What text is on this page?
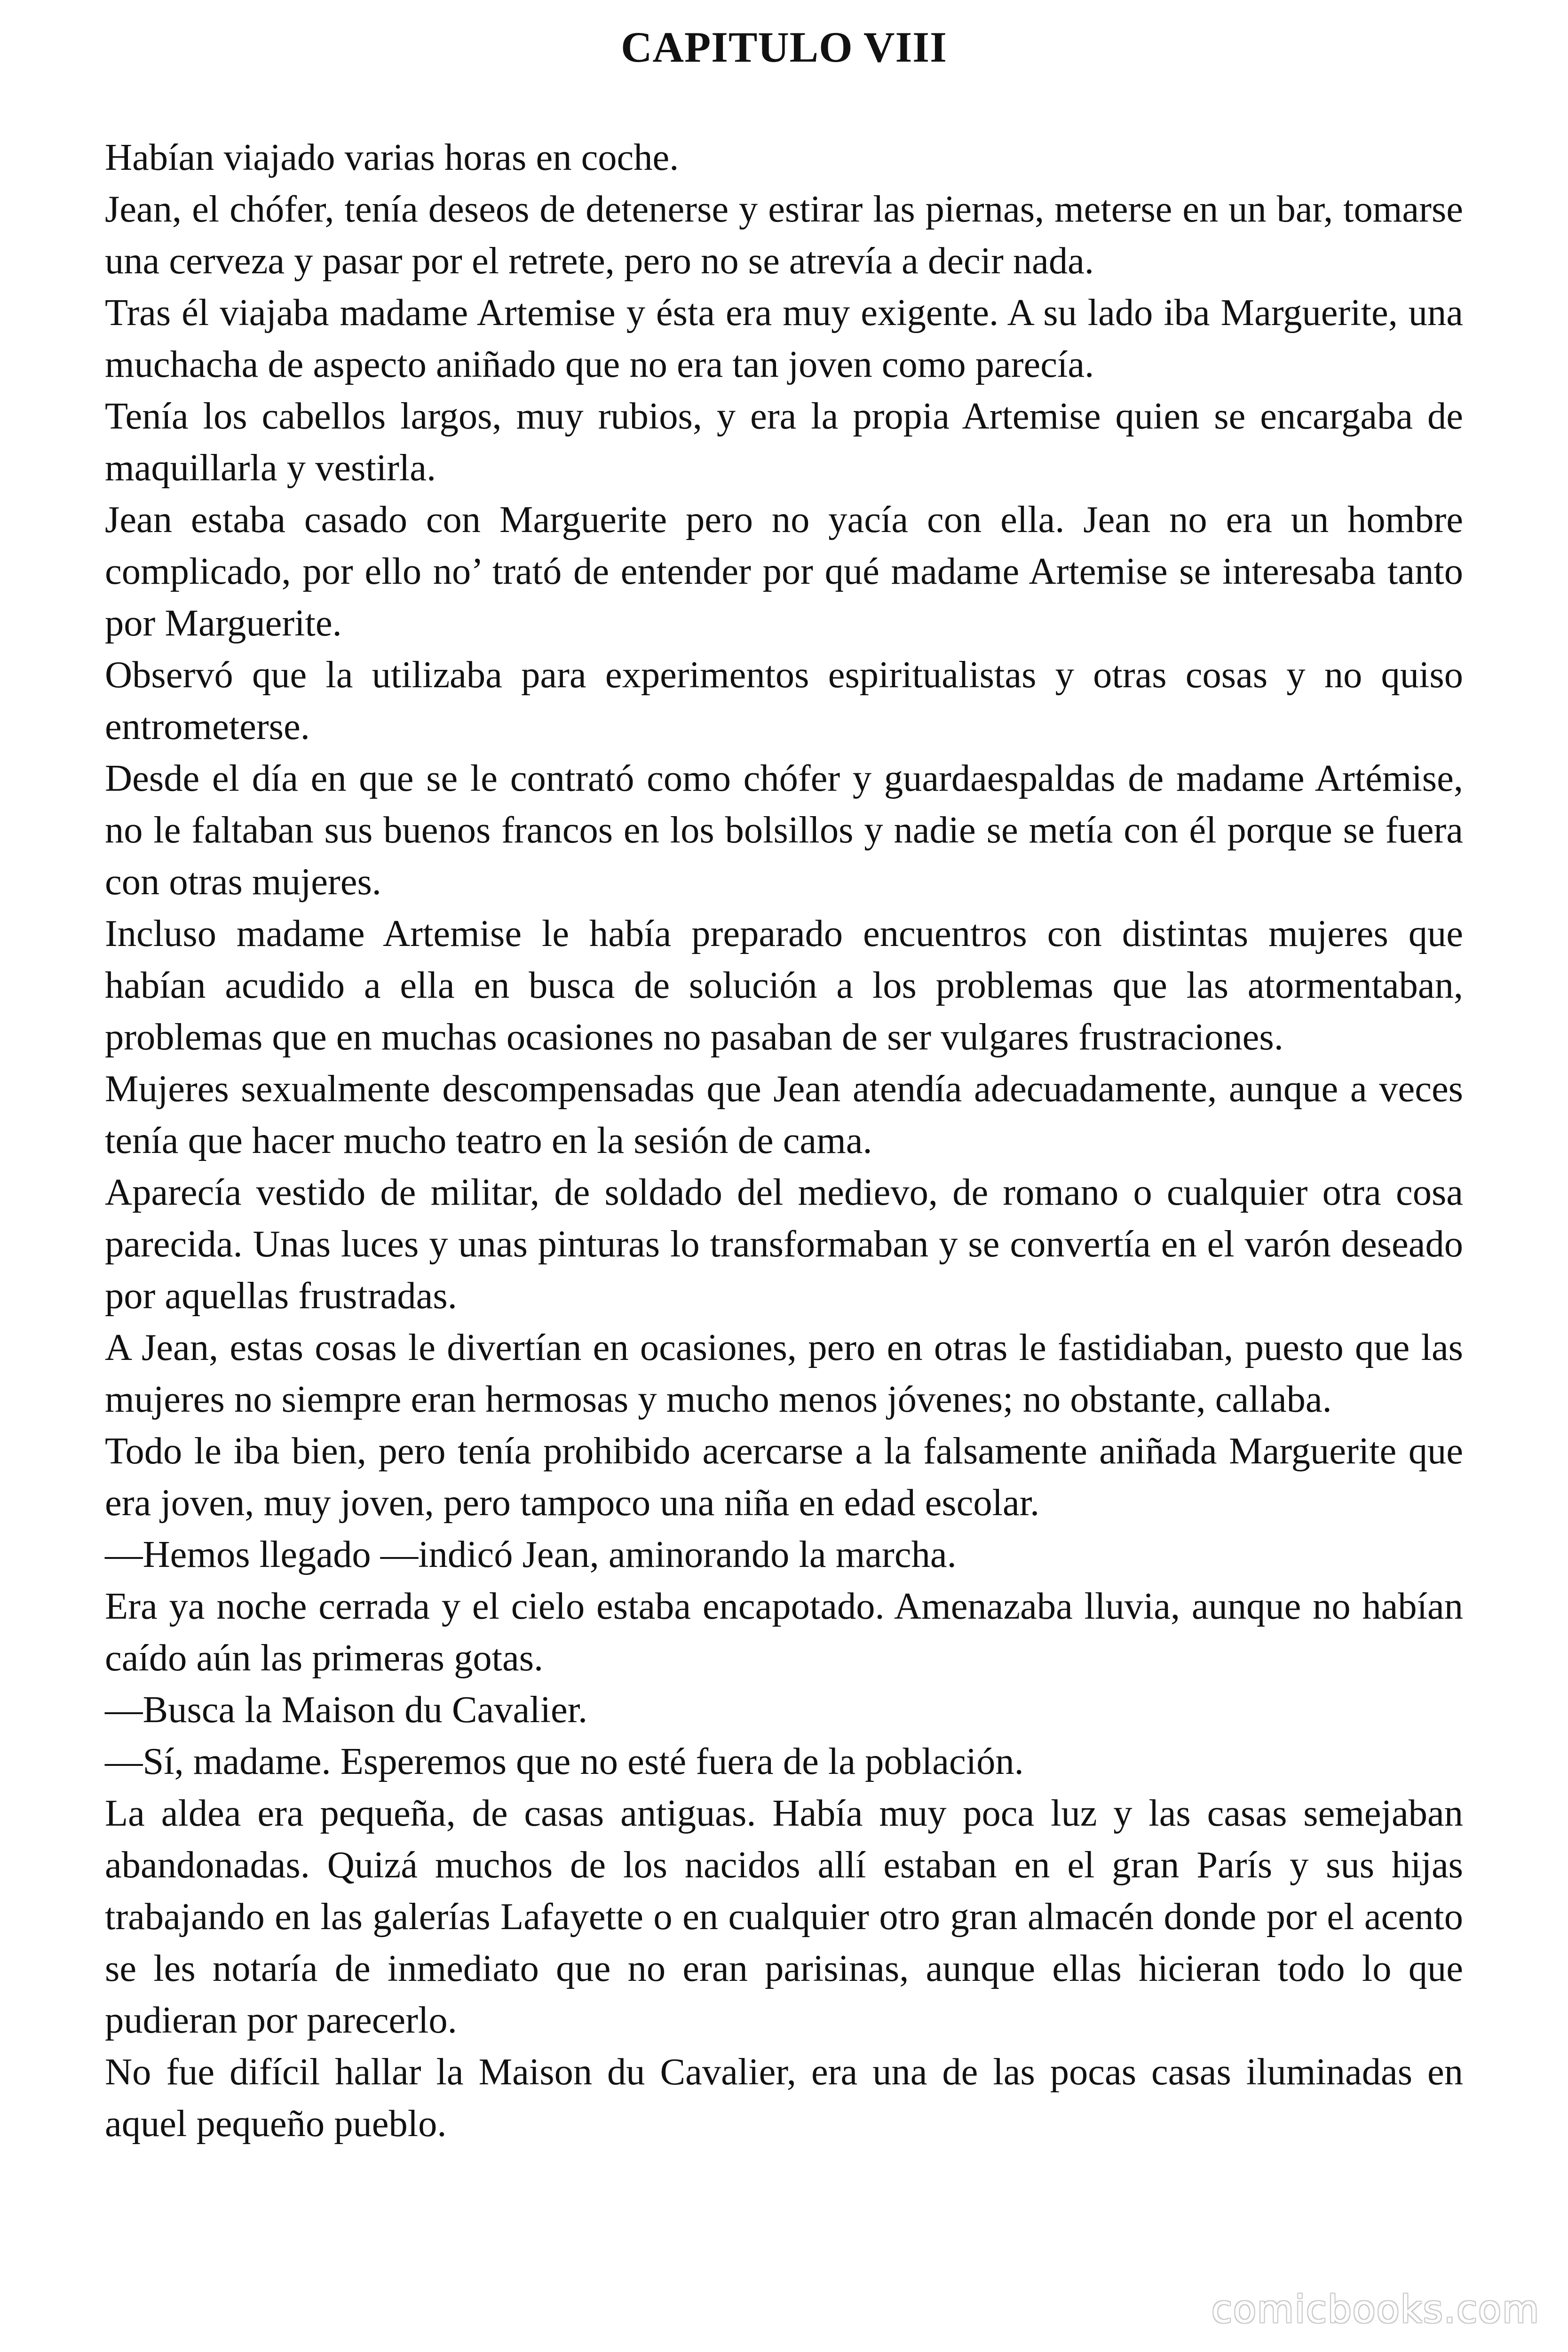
CAPITULO VIII

Habían viajado varias horas en coche.

Jean, el chófer, tenía deseos de detenerse y estirar las piernas, meterse en un bar, tomarse una cerveza y pasar por el retrete, pero no se atrevía a decir nada.

Tras él viajaba madame Artemise y ésta era muy exigente. A su lado iba Marguerite, una muchacha de aspecto aniñado que no era tan joven como parecía.

Tenía los cabellos largos, muy rubios, y era la propia Artemise quien se encargaba de maquillarla y vestirla.

Jean estaba casado con Marguerite pero no yacía con ella. Jean no era un hombre complicado, por ello no’ trató de entender por qué madame Artemise se interesaba tanto por Marguerite.

Observó que la utilizaba para experimentos espiritualistas y otras cosas y no quiso entrometerse.

Desde el día en que se le contrató como chófer y guardaespaldas de madame Artémise, no le faltaban sus buenos francos en los bolsillos y nadie se metía con él porque se fuera con otras mujeres.

Incluso madame Artemise le había preparado encuentros con distintas mujeres que habían acudido a ella en busca de solución a los problemas que las atormentaban, problemas que en muchas ocasiones no pasaban de ser vulgares frustraciones.

Mujeres sexualmente descompensadas que Jean atendía adecuadamente, aunque a veces tenía que hacer mucho teatro en la sesión de cama.

Aparecía vestido de militar, de soldado del medievo, de romano o cualquier otra cosa parecida. Unas luces y unas pinturas lo transformaban y se convertía en el varón deseado por aquellas frustradas.

A Jean, estas cosas le divertían en ocasiones, pero en otras le fastidiaban, puesto que las mujeres no siempre eran hermosas y mucho menos jóvenes; no obstante, callaba.

Todo le iba bien, pero tenía prohibido acercarse a la falsamente aniñada Marguerite que era joven, muy joven, pero tampoco una niña en edad escolar.

—Hemos llegado —indicó Jean, aminorando la marcha.

Era ya noche cerrada y el cielo estaba encapotado. Amenazaba lluvia, aunque no habían caído aún las primeras gotas.

—Busca la Maison du Cavalier.

—Sí, madame. Esperemos que no esté fuera de la población.

La aldea era pequeña, de casas antiguas. Había muy poca luz y las casas semejaban abandonadas. Quizá muchos de los nacidos allí estaban en el gran París y sus hijas trabajando en las galerías Lafayette o en cualquier otro gran almacén donde por el acento se les notaría de inmediato que no eran parisinas, aunque ellas hicieran todo lo que pudieran por parecerlo.

No fue difícil hallar la Maison du Cavalier, era una de las pocas casas iluminadas en aquel pequeño pueblo.

comicbooks.com
